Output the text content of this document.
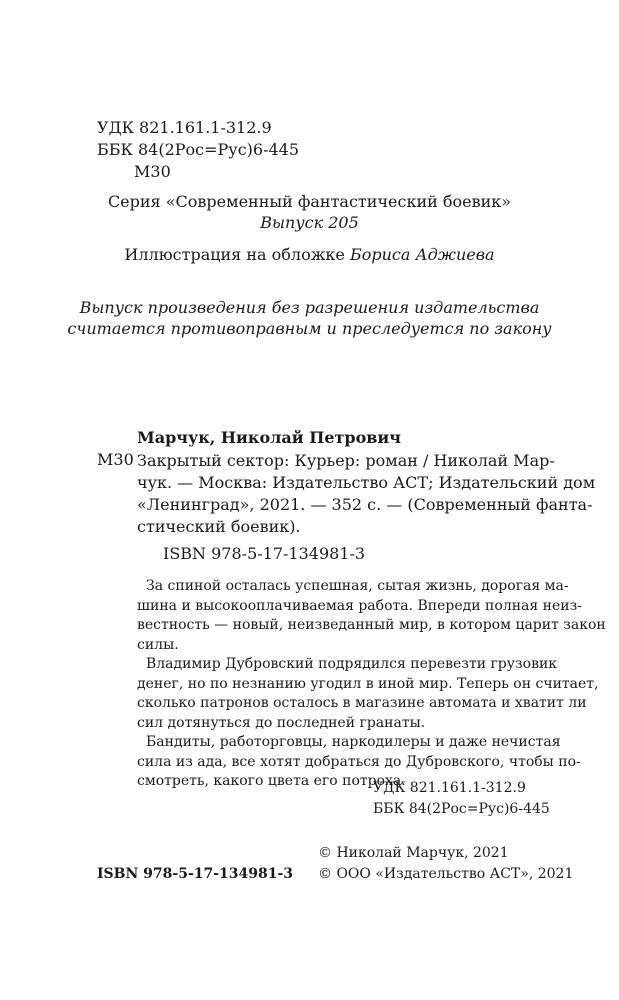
УДК 821.161.1-312.9
ББК 84(2Рос=Рус)6-445
М30
Серия «Современный фантастический боевик»
Выпуск 205
Иллюстрация на обложке Бориса Аджиева
Выпуск произведения без разрешения издательства
считается противоправным и преследуется по закону
Марчук, Николай Петрович
М30 Закрытый сектор: Курьер: роман / Николай Мар-
чук. — Москва: Издательство АСТ; Издательский дом
«Ленинград», 2021. — 352 с. — (Современный фанта-
стический боевик).
ISBN 978-5-17-134981-3
За спиной осталась успешная, сытая жизнь, дорогая ма-
шина и высокооплачиваемая работа. Впереди полная неиз-
вестность — новый, неизведанный мир, в котором царит закон
силы.
Владимир Дубровский подрядился перевезти грузовик
денег, но по незнанию угодил в иной мир. Теперь он считает,
сколько патронов осталось в магазине автомата и хватит ли
сил дотянуться до последней гранаты.
Бандиты, работорговцы, наркодилеры и даже нечистая
сила из ада, все хотят добраться до Дубровского, чтобы по-
смотреть, какого цвета его потроха.
УДК 821.161.1-312.9
ББК 84(2Рос=Рус)6-445
ISBN 978-5-17-134981-3
© Николай Марчук, 2021
© ООО «Издательство АСТ», 2021
